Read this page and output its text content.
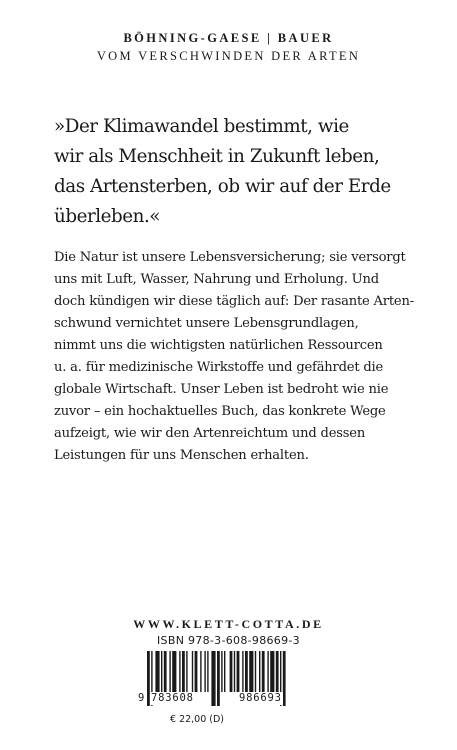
BÖHNING-GAESE | BAUER
VOM VERSCHWINDEN DER ARTEN
»Der Klimawandel bestimmt, wie
wir als Menschheit in Zukunft leben,
das Artensterben, ob wir auf der Erde
überleben.«
Die Natur ist unsere Lebensversicherung; sie versorgt
uns mit Luft, Wasser, Nahrung und Erholung. Und
doch kündigen wir diese täglich auf: Der rasante Arten-
schwund vernichtet unsere Lebensgrundlagen,
nimmt uns die wichtigsten natürlichen Ressourcen
u. a. für medizinische Wirkstoffe und gefährdet die
globale Wirtschaft. Unser Leben ist bedroht wie nie
zuvor – ein hochaktuelles Buch, das konkrete Wege
aufzeigt, wie wir den Artenreichtum und dessen
Leistungen für uns Menschen erhalten.
WWW.KLETT-COTTA.DE
ISBN 978-3-608-98669-3
9 783608	986693
€ 22,00 (D)
